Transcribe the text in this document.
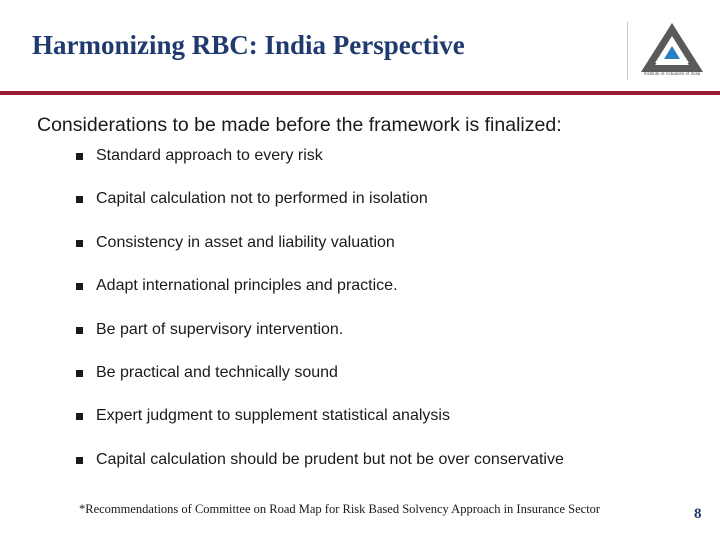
Harmonizing RBC: India Perspective
Institute of Actuaries of India
Considerations to be made before the framework is finalized:
Standard approach to every risk
Capital calculation not to performed in isolation
Consistency in asset and liability valuation
Adapt international principles and practice.
Be part of supervisory intervention.
Be practical and technically sound
Expert judgment to supplement statistical analysis
Capital calculation should be prudent but not be over conservative
*Recommendations of Committee on Road Map for Risk Based Solvency Approach in Insurance Sector	8
